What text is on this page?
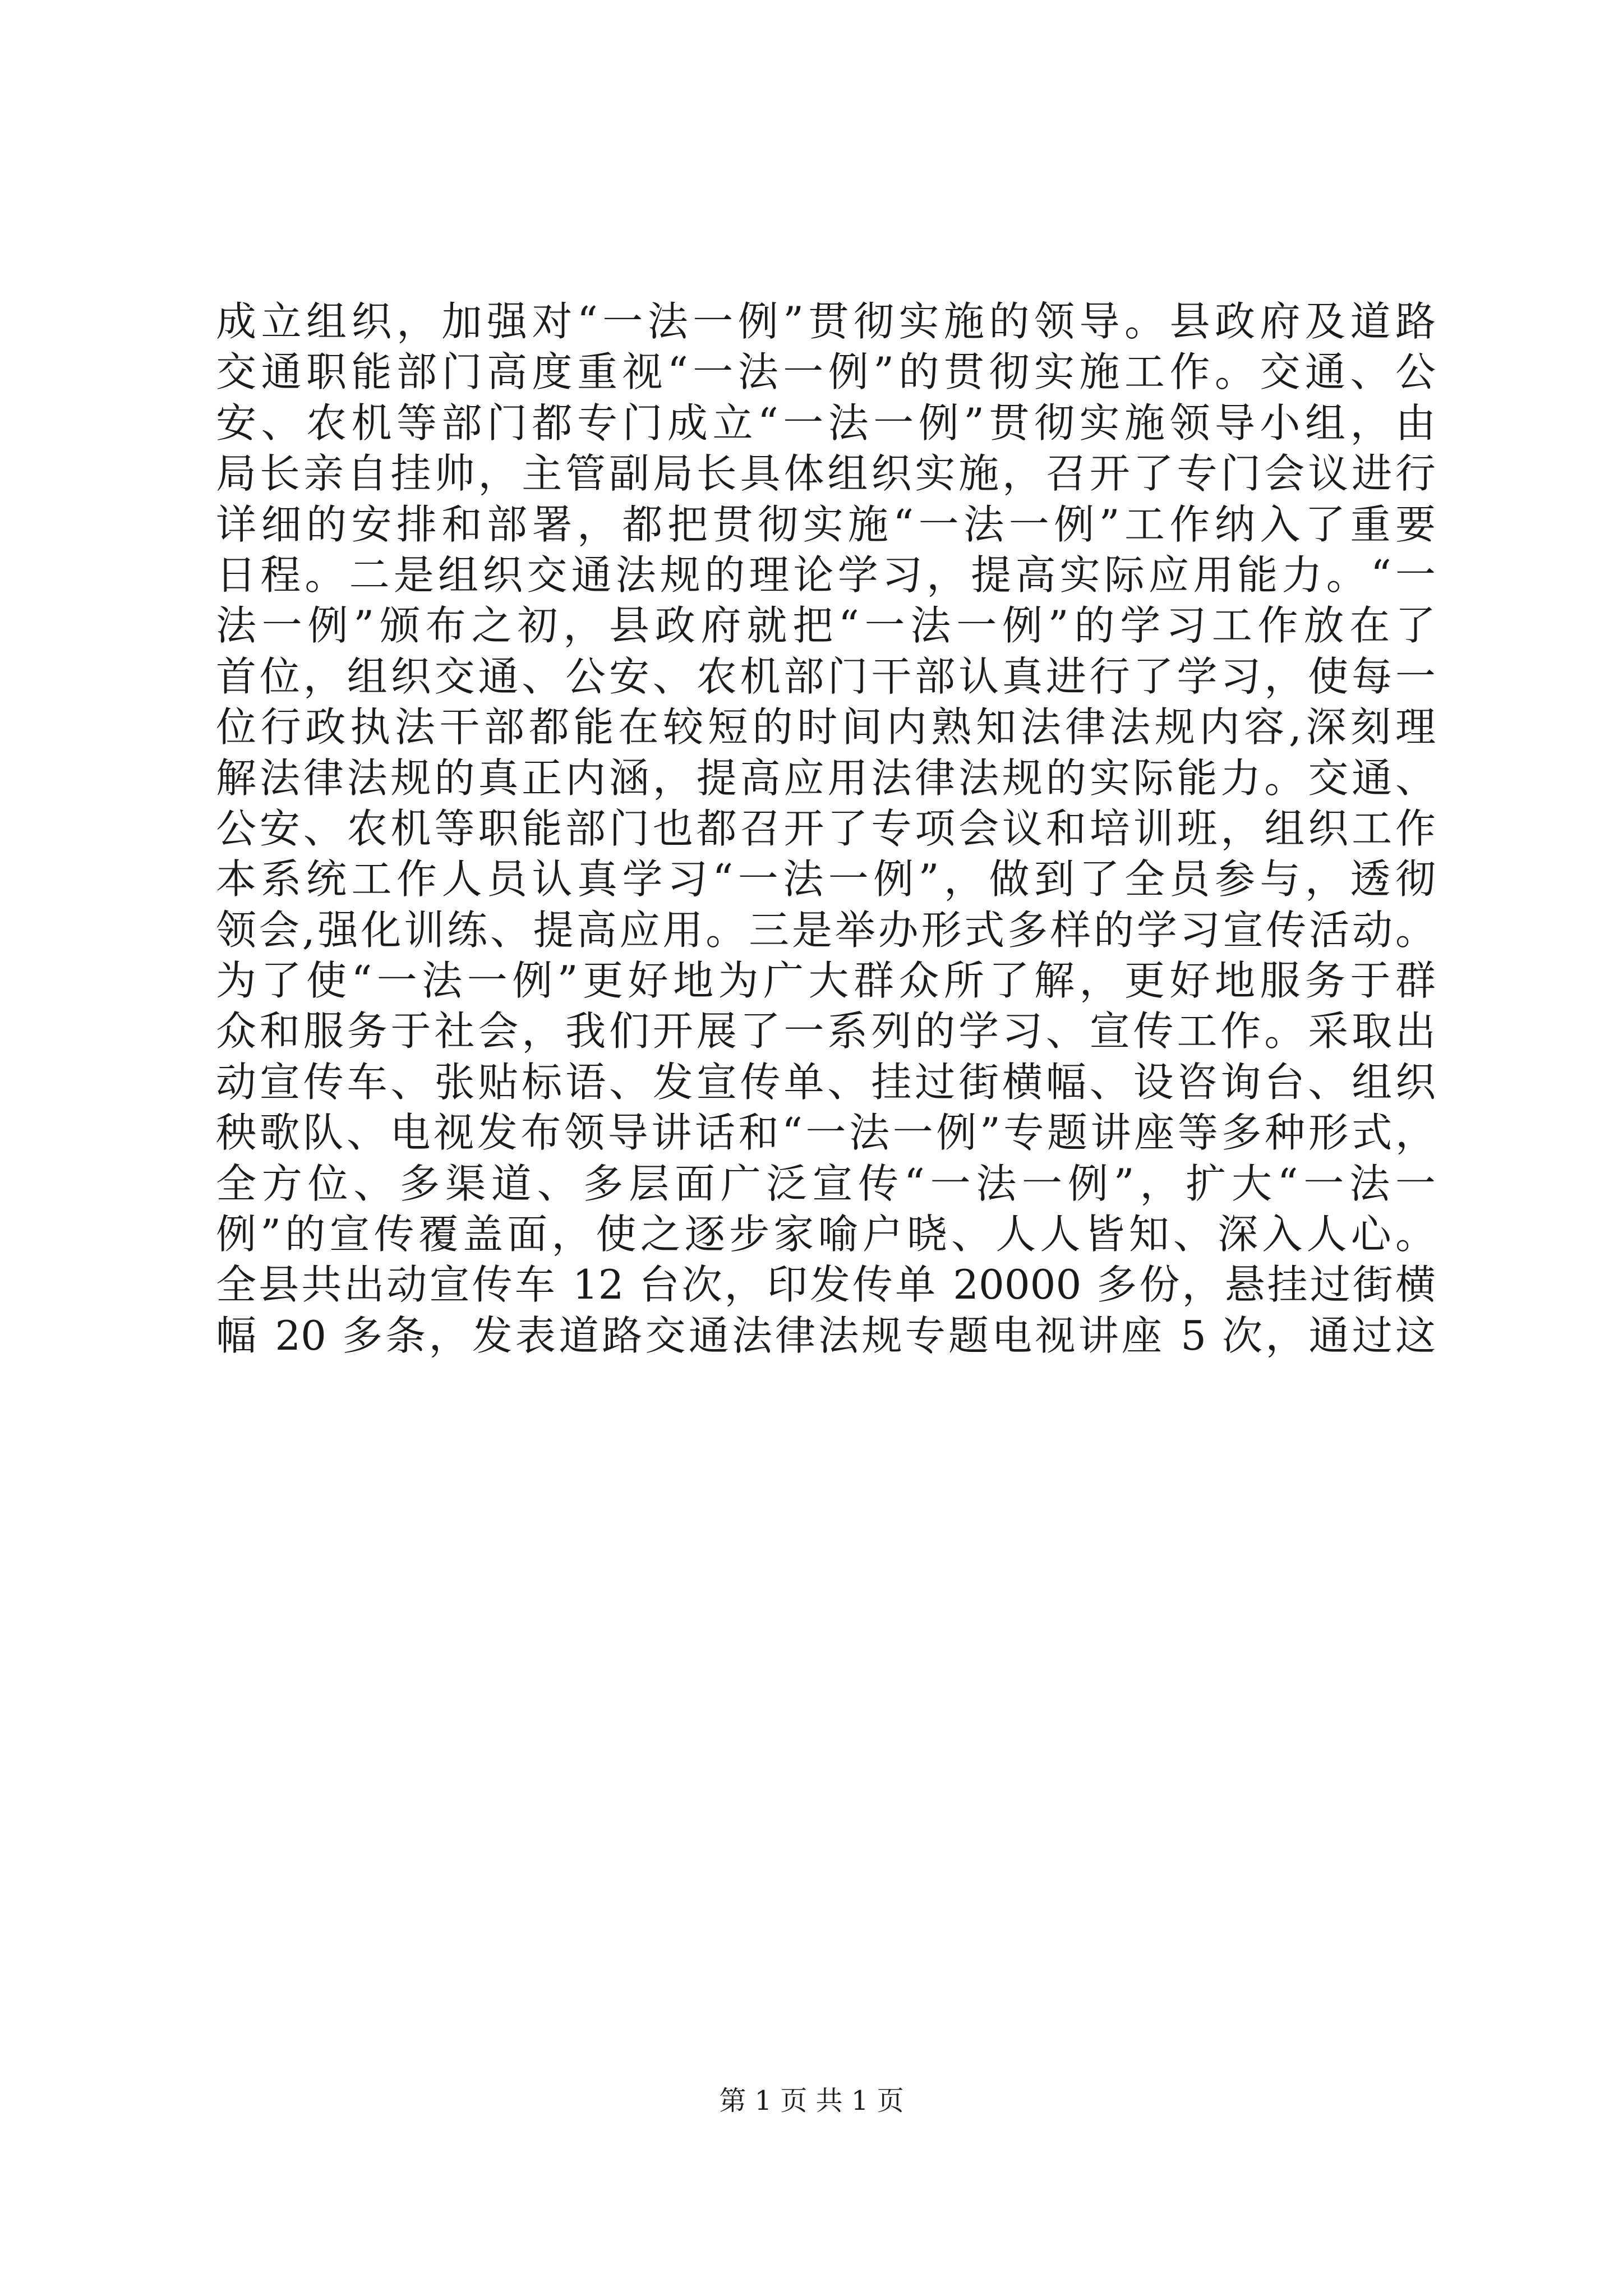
成立组织，加强对“一法一例”贯彻实施的领导。县政府及道路
交通职能部门高度重视“一法一例”的贯彻实施工作。交通、公
安、农机等部门都专门成立“一法一例”贯彻实施领导小组，由
局长亲自挂帅，主管副局长具体组织实施，召开了专门会议进行
详细的安排和部署，都把贯彻实施“一法一例”工作纳入了重要
日程。二是组织交通法规的理论学习，提高实际应用能力。“一
法一例”颁布之初，县政府就把“一法一例”的学习工作放在了
首位，组织交通、公安、农机部门干部认真进行了学习，使每一
位行政执法干部都能在较短的时间内熟知法律法规内容,深刻理
解法律法规的真正内涵，提高应用法律法规的实际能力。交通、
公安、农机等职能部门也都召开了专项会议和培训班，组织工作
本系统工作人员认真学习“一法一例”，做到了全员参与，透彻
领会,强化训练、提高应用。三是举办形式多样的学习宣传活动。
为了使“一法一例”更好地为广大群众所了解，更好地服务于群
众和服务于社会，我们开展了一系列的学习、宣传工作。采取出
动宣传车、张贴标语、发宣传单、挂过街横幅、设咨询台、组织
秧歌队、电视发布领导讲话和“一法一例”专题讲座等多种形式，
全方位、多渠道、多层面广泛宣传“一法一例”，扩大“一法一
例”的宣传覆盖面，使之逐步家喻户晓、人人皆知、深入人心。
全县共出动宣传车 12 台次，印发传单 20000 多份，悬挂过街横
幅 20 多条，发表道路交通法律法规专题电视讲座 5 次，通过这
第 1 页 共 1 页
